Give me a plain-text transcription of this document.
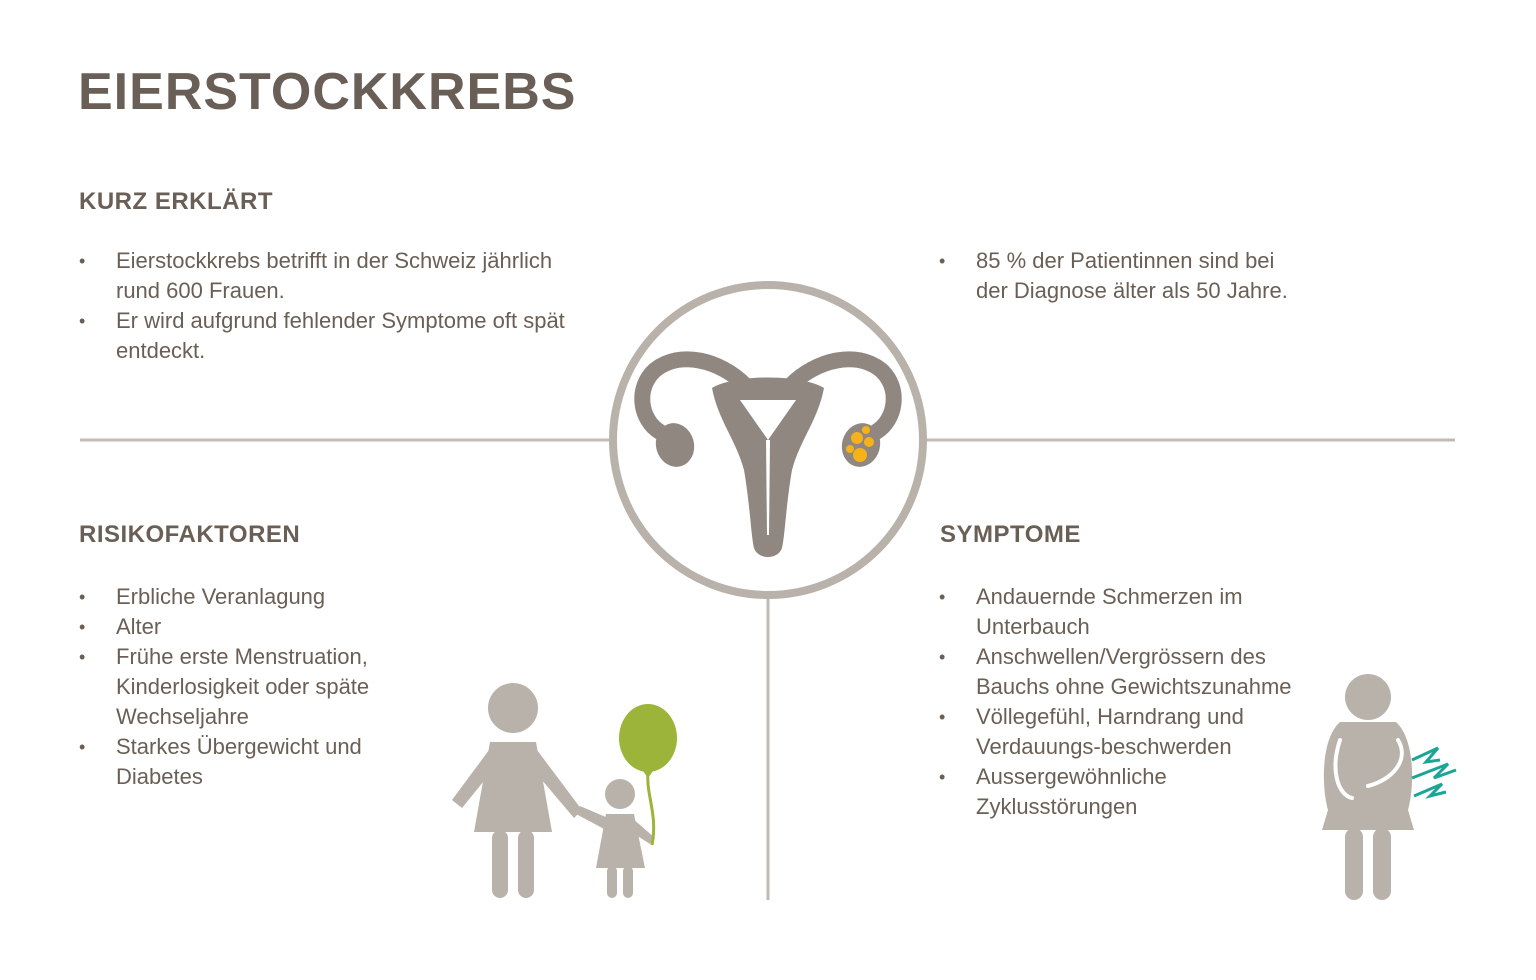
EIERSTOCKKREBS
KURZ ERKLÄRT
• Eierstockkrebs betrifft in der Schweiz jährlich rund 600 Frauen.
• Er wird aufgrund fehlender Symptome oft spät entdeckt.
• 85 % der Patientinnen sind bei der Diagnose älter als 50 Jahre.
RISIKOFAKTOREN
• Erbliche Veranlagung
• Alter
• Frühe erste Menstruation, Kinderlosigkeit oder späte Wechseljahre
• Starkes Übergewicht und Diabetes
SYMPTOME
• Andauernde Schmerzen im Unterbauch
• Anschwellen/Vergrössern des Bauchs ohne Gewichtszunahme
• Völlegefühl, Harndrang und Verdauungs-beschwerden
• Aussergewöhnliche Zyklusstörungen
